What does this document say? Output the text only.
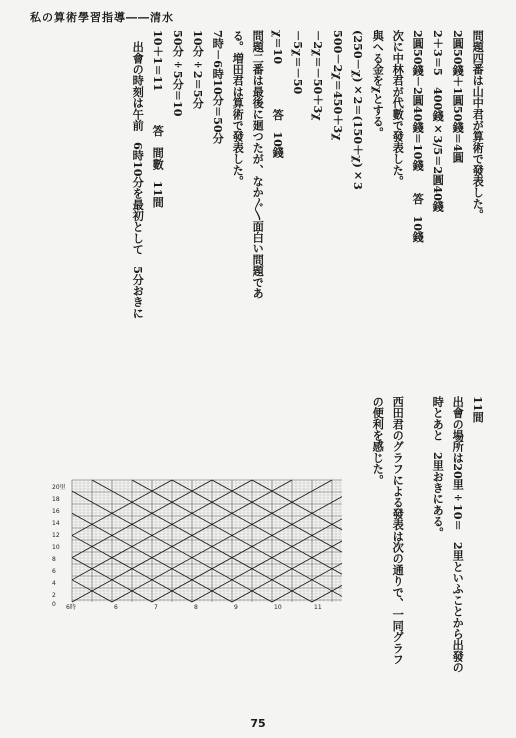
私の算術學習指導――清水
問題四番は山中君が算術で發表した。
2圓50錢＋1圓50錢＝4圓
2＋3＝5　400錢×3/5＝2圓40錢
2圓50錢－2圓40錢＝10錢　　答　10錢
次に中林君が代數で發表した。
與へる金をχとする。
(250－χ)×2＝(150＋χ)×3
500－2χ＝450＋3χ
－2χ＝－50＋3χ
－5χ＝－50
χ＝10　　　　答　10錢
問題二番は最後に廻つたが、なか〲面白い問題であ
る。増田君は算術で發表した。
7時－6時10分＝50分
10分÷2＝5分
50分÷5分＝10
10＋1＝11　　　答　間數　11間
　出會の時刻は午前　6時10分を最初として　5分おきに
11間
出會の場所は20里÷10＝　2里といふことから出發の
時とあと　2里おきにある。
西田君のグラフによる發表は次の通りで、一同グラフ
の便利を感じた。
20里
18
16
14
12
10
8
6
4
2
0 6時	6	7	8	9	10	11
75
